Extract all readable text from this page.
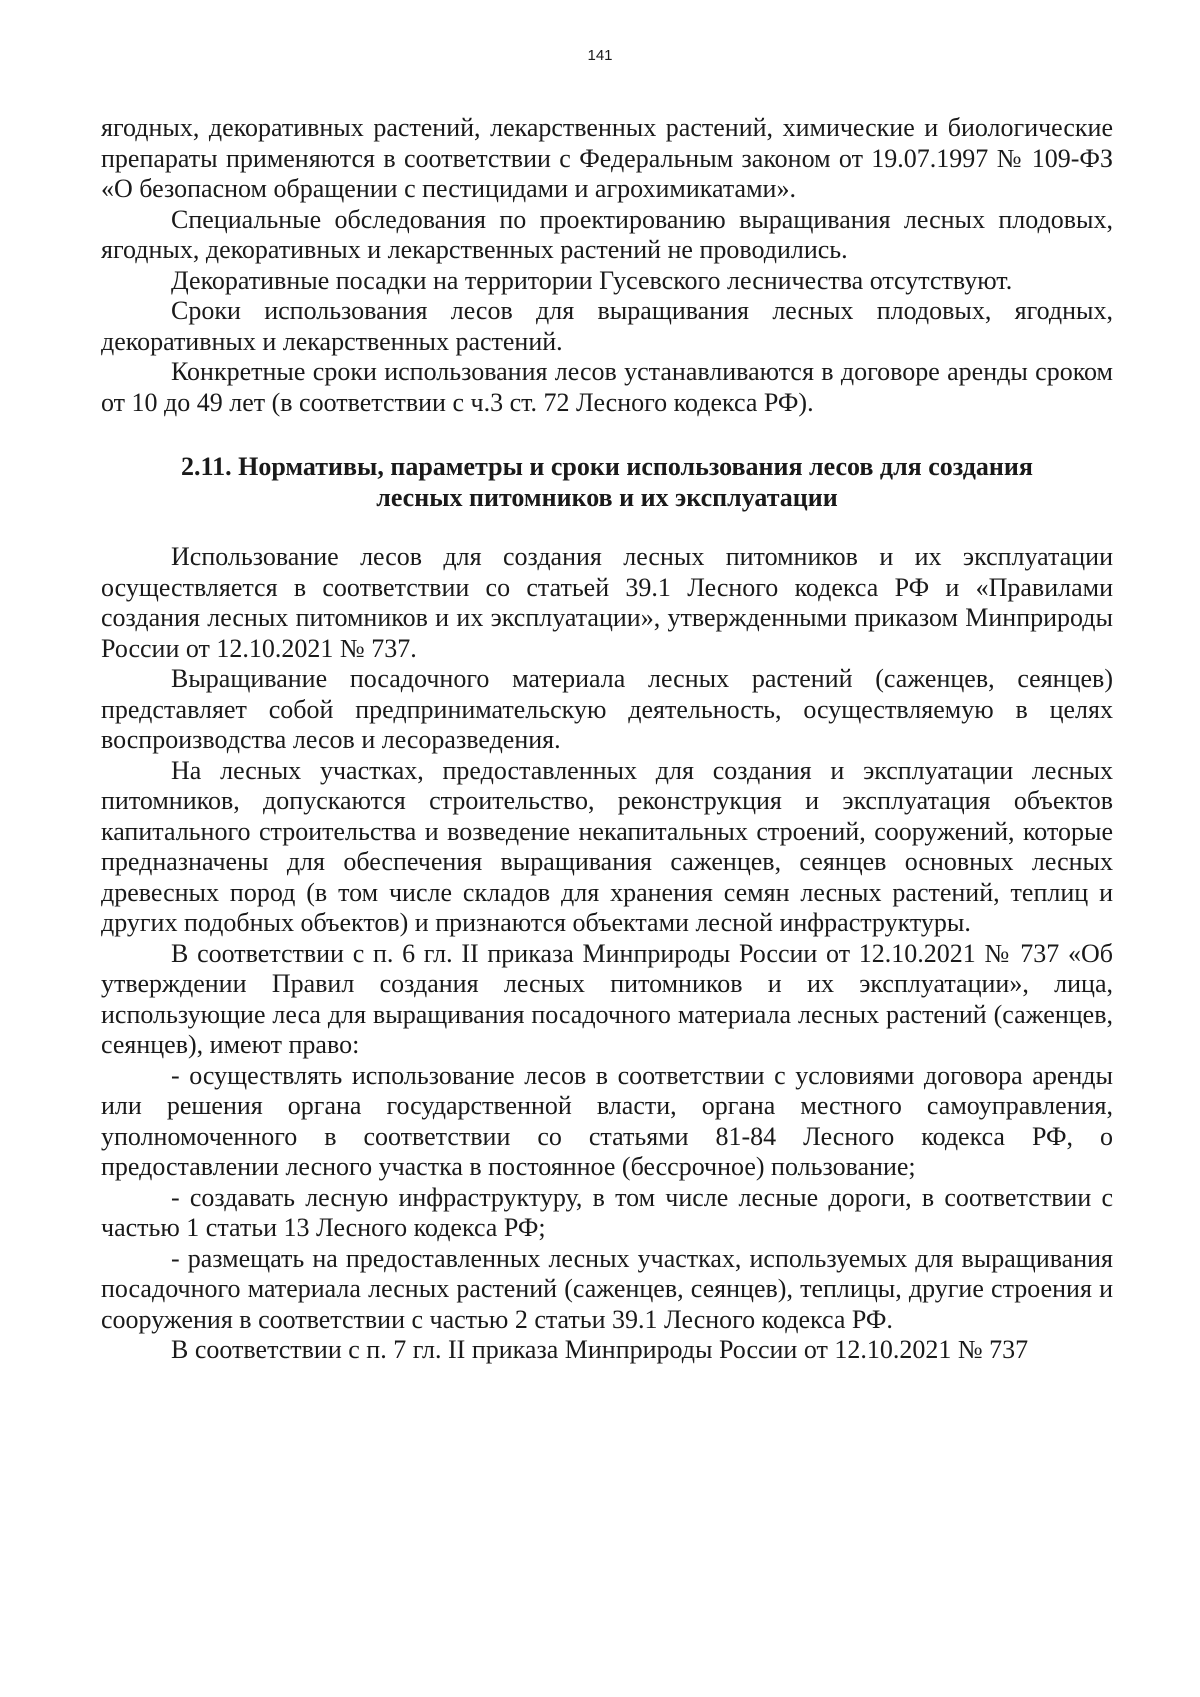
141

ягодных, декоративных растений, лекарственных растений, химические и биологические препараты применяются в соответствии с Федеральным законом от 19.07.1997 № 109-ФЗ «О безопасном обращении с пестицидами и агрохимикатами».

Специальные обследования по проектированию выращивания лесных плодовых, ягодных, декоративных и лекарственных растений не проводились.

Декоративные посадки на территории Гусевского лесничества отсутствуют.

Сроки использования лесов для выращивания лесных плодовых, ягодных, декоративных и лекарственных растений.

Конкретные сроки использования лесов устанавливаются в договоре аренды сроком от 10 до 49 лет (в соответствии с ч.3 ст. 72 Лесного кодекса РФ).

2.11. Нормативы, параметры и сроки использования лесов для создания
лесных питомников и их эксплуатации

Использование лесов для создания лесных питомников и их эксплуатации осуществляется в соответствии со статьей 39.1 Лесного кодекса РФ и «Правилами создания лесных питомников и их эксплуатации», утвержденными приказом Минприроды России от 12.10.2021 № 737.

Выращивание посадочного материала лесных растений (саженцев, сеянцев) представляет собой предпринимательскую деятельность, осуществляемую в целях воспроизводства лесов и лесоразведения.

На лесных участках, предоставленных для создания и эксплуатации лесных питомников, допускаются строительство, реконструкция и эксплуатация объектов капитального строительства и возведение некапитальных строений, сооружений, которые предназначены для обеспечения выращивания саженцев, сеянцев основных лесных древесных пород (в том числе складов для хранения семян лесных растений, теплиц и других подобных объектов) и признаются объектами лесной инфраструктуры.

В соответствии с п. 6 гл. II приказа Минприроды России от 12.10.2021 № 737 «Об утверждении Правил создания лесных питомников и их эксплуатации», лица, использующие леса для выращивания посадочного материала лесных растений (саженцев, сеянцев), имеют право:

- осуществлять использование лесов в соответствии с условиями договора аренды или решения органа государственной власти, органа местного самоуправления, уполномоченного в соответствии со статьями 81-84 Лесного кодекса РФ, о предоставлении лесного участка в постоянное (бессрочное) пользование;

- создавать лесную инфраструктуру, в том числе лесные дороги, в соответствии с частью 1 статьи 13 Лесного кодекса РФ;

- размещать на предоставленных лесных участках, используемых для выращивания посадочного материала лесных растений (саженцев, сеянцев), теплицы, другие строения и сооружения в соответствии с частью 2 статьи 39.1 Лесного кодекса РФ.

В соответствии с п. 7 гл. II приказа Минприроды России от 12.10.2021 № 737
